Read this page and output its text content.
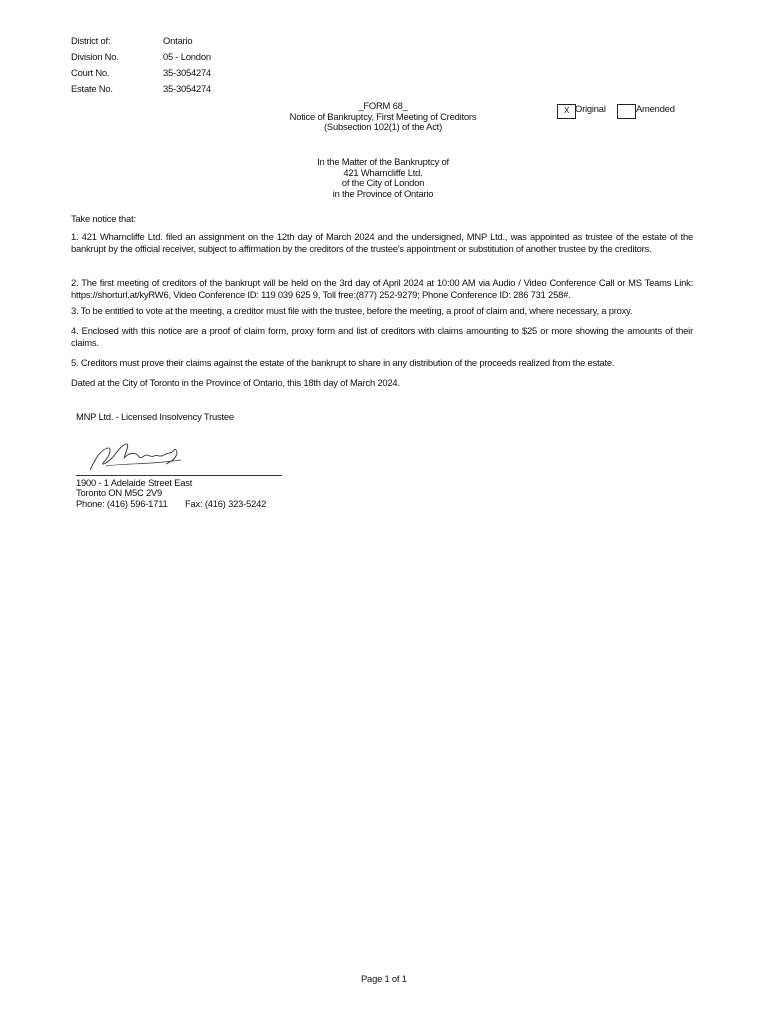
District of:	Ontario
Division No.	05 - London
Court No.	35-3054274
Estate No.	35-3054274
_FORM 68_
Notice of Bankruptcy, First Meeting of Creditors
(Subsection 102(1) of the Act)
X Original	Amended
In the Matter of the Bankruptcy of
421 Wharncliffe Ltd.
of the City of London
in the Province of Ontario
Take notice that:
1. 421 Wharncliffe Ltd. filed an assignment on the 12th day of March 2024 and the undersigned, MNP Ltd., was appointed as trustee of the estate of the bankrupt by the official receiver, subject to affirmation by the creditors of the trustee's appointment or substitution of another trustee by the creditors.
2. The first meeting of creditors of the bankrupt will be held on the 3rd day of April 2024 at 10:00 AM via Audio / Video Conference Call or MS Teams Link: https://shorturl.at/kyRW6, Video Conference ID: 119 039 625 9, Toll free:(877) 252-9279; Phone Conference ID: 286 731 258#.
3. To be entitled to vote at the meeting, a creditor must file with the trustee, before the meeting, a proof of claim and, where necessary, a proxy.
4. Enclosed with this notice are a proof of claim form, proxy form and list of creditors with claims amounting to $25 or more showing the amounts of their claims.
5. Creditors must prove their claims against the estate of the bankrupt to share in any distribution of the proceeds realized from the estate.
Dated at the City of Toronto in the Province of Ontario, this 18th day of March 2024.
MNP Ltd. - Licensed Insolvency Trustee
1900 - 1 Adelaide Street East
Toronto ON M5C 2V9
Phone: (416) 596-1711 Fax: (416) 323-5242
Page 1 of 1
